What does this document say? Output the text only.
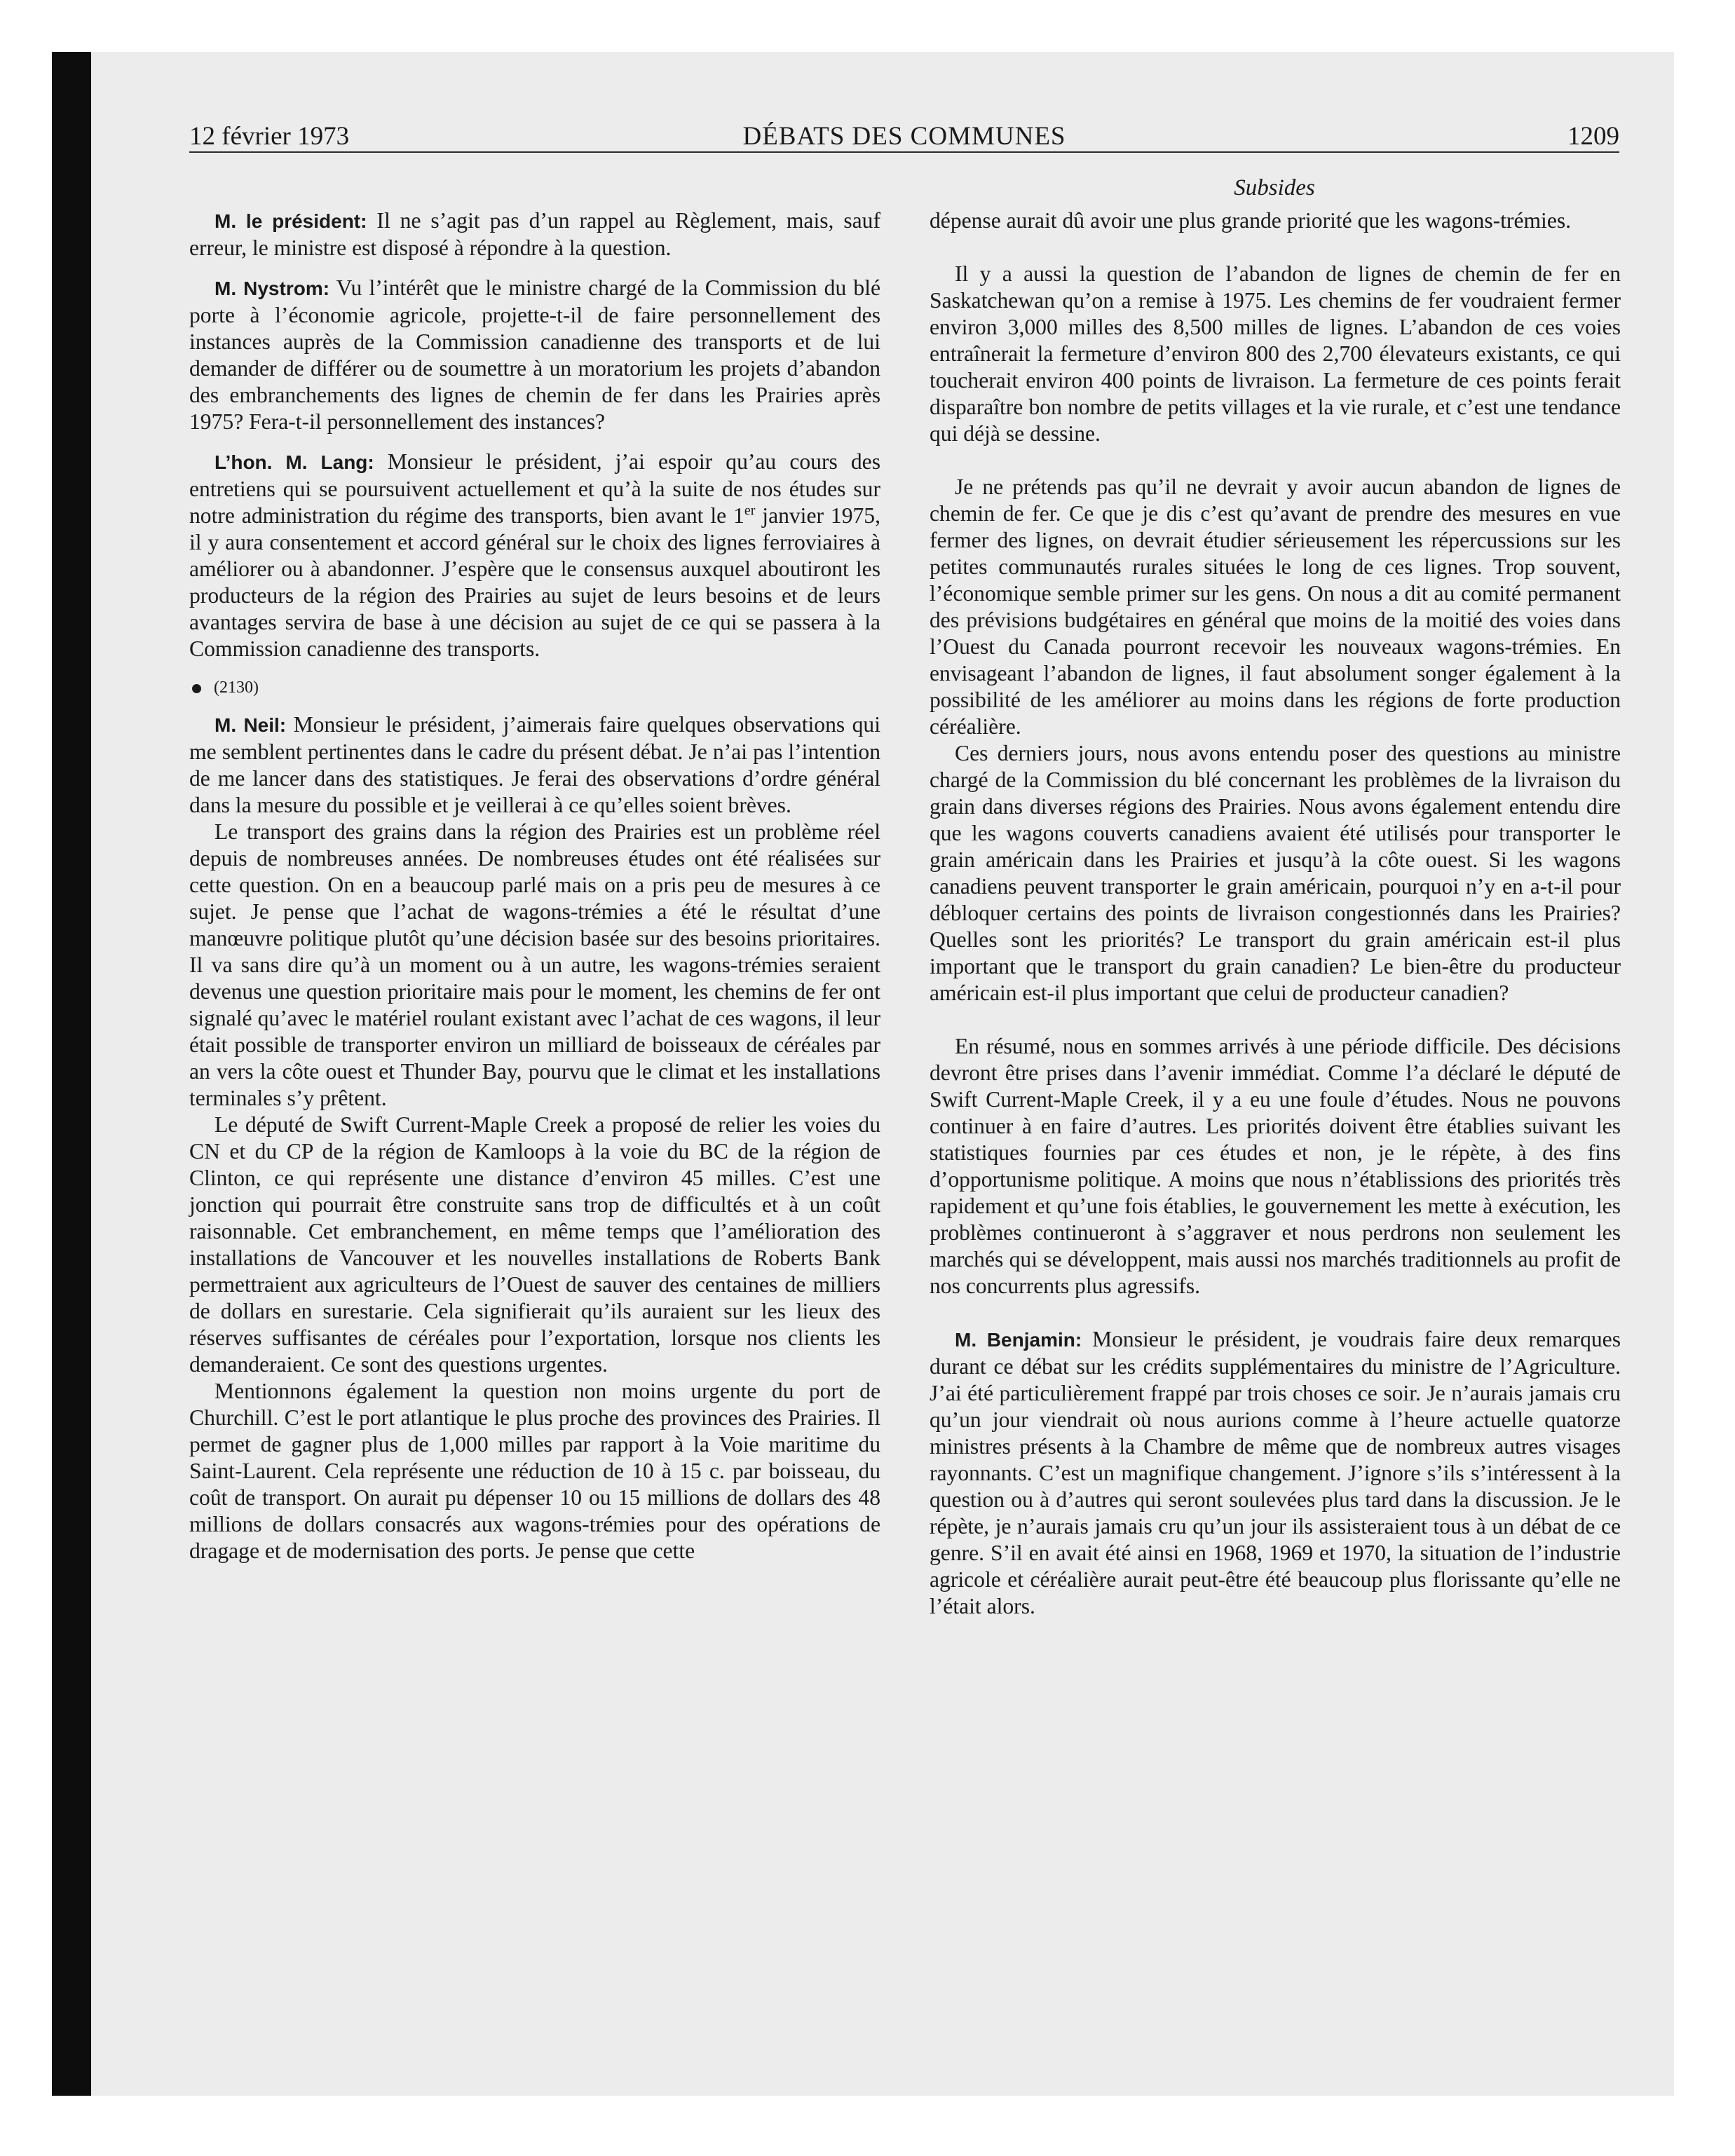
12 février 1973	DÉBATS DES COMMUNES	1209
Subsides

M. le président: Il ne s’agit pas d’un rappel au Règlement, mais, sauf erreur, le ministre est disposé à répondre à la question.

M. Nystrom: Vu l’intérêt que le ministre chargé de la Commission du blé porte à l’économie agricole, projette-t-il de faire personnellement des instances auprès de la Commission canadienne des transports et de lui demander de différer ou de soumettre à un moratorium les projets d’abandon des embranchements des lignes de chemin de fer dans les Prairies après 1975? Fera-t-il personnellement des instances?

L’hon. M. Lang: Monsieur le président, j’ai espoir qu’au cours des entretiens qui se poursuivent actuellement et qu’à la suite de nos études sur notre administration du régime des transports, bien avant le 1er janvier 1975, il y aura consentement et accord général sur le choix des lignes ferroviaires à améliorer ou à abandonner. J’espère que le consensus auxquel aboutiront les producteurs de la région des Prairies au sujet de leurs besoins et de leurs avantages servira de base à une décision au sujet de ce qui se passera à la Commission canadienne des transports.

(2130)

M. Neil: Monsieur le président, j’aimerais faire quelques observations qui me semblent pertinentes dans le cadre du présent débat. Je n’ai pas l’intention de me lancer dans des statistiques. Je ferai des observations d’ordre général dans la mesure du possible et je veillerai à ce qu’elles soient brèves.

Le transport des grains dans la région des Prairies est un problème réel depuis de nombreuses années. De nombreuses études ont été réalisées sur cette question. On en a beaucoup parlé mais on a pris peu de mesures à ce sujet. Je pense que l’achat de wagons-trémies a été le résultat d’une manœuvre politique plutôt qu’une décision basée sur des besoins prioritaires. Il va sans dire qu’à un moment ou à un autre, les wagons-trémies seraient devenus une question prioritaire mais pour le moment, les chemins de fer ont signalé qu’avec le matériel roulant existant avec l’achat de ces wagons, il leur était possible de transporter environ un milliard de boisseaux de céréales par an vers la côte ouest et Thunder Bay, pourvu que le climat et les installations terminales s’y prêtent.

Le député de Swift Current-Maple Creek a proposé de relier les voies du CN et du CP de la région de Kamloops à la voie du BC de la région de Clinton, ce qui représente une distance d’environ 45 milles. C’est une jonction qui pourrait être construite sans trop de difficultés et à un coût raisonnable. Cet embranchement, en même temps que l’amélioration des installations de Vancouver et les nouvelles installations de Roberts Bank permettraient aux agriculteurs de l’Ouest de sauver des centaines de milliers de dollars en surestarie. Cela signifierait qu’ils auraient sur les lieux des réserves suffisantes de céréales pour l’exportation, lorsque nos clients les demanderaient. Ce sont des questions urgentes.

Mentionnons également la question non moins urgente du port de Churchill. C’est le port atlantique le plus proche des provinces des Prairies. Il permet de gagner plus de 1,000 milles par rapport à la Voie maritime du Saint-Laurent. Cela représente une réduction de 10 à 15 c. par boisseau, du coût de transport. On aurait pu dépenser 10 ou 15 millions de dollars des 48 millions de dollars consacrés aux wagons-trémies pour des opérations de dragage et de modernisation des ports. Je pense que cette

dépense aurait dû avoir une plus grande priorité que les wagons-trémies.

Il y a aussi la question de l’abandon de lignes de chemin de fer en Saskatchewan qu’on a remise à 1975. Les chemins de fer voudraient fermer environ 3,000 milles des 8,500 milles de lignes. L’abandon de ces voies entraînerait la fermeture d’environ 800 des 2,700 élevateurs existants, ce qui toucherait environ 400 points de livraison. La fermeture de ces points ferait disparaître bon nombre de petits villages et la vie rurale, et c’est une tendance qui déjà se dessine.

Je ne prétends pas qu’il ne devrait y avoir aucun abandon de lignes de chemin de fer. Ce que je dis c’est qu’avant de prendre des mesures en vue fermer des lignes, on devrait étudier sérieusement les répercussions sur les petites communautés rurales situées le long de ces lignes. Trop souvent, l’économique semble primer sur les gens. On nous a dit au comité permanent des prévisions budgétaires en général que moins de la moitié des voies dans l’Ouest du Canada pourront recevoir les nouveaux wagons-trémies. En envisageant l’abandon de lignes, il faut absolument songer également à la possibilité de les améliorer au moins dans les régions de forte production céréalière.

Ces derniers jours, nous avons entendu poser des questions au ministre chargé de la Commission du blé concernant les problèmes de la livraison du grain dans diverses régions des Prairies. Nous avons également entendu dire que les wagons couverts canadiens avaient été utilisés pour transporter le grain américain dans les Prairies et jusqu’à la côte ouest. Si les wagons canadiens peuvent transporter le grain américain, pourquoi n’y en a-t-il pour débloquer certains des points de livraison congestionnés dans les Prairies? Quelles sont les priorités? Le transport du grain américain est-il plus important que le transport du grain canadien? Le bien-être du producteur américain est-il plus important que celui de producteur canadien?

En résumé, nous en sommes arrivés à une période difficile. Des décisions devront être prises dans l’avenir immédiat. Comme l’a déclaré le député de Swift Current-Maple Creek, il y a eu une foule d’études. Nous ne pouvons continuer à en faire d’autres. Les priorités doivent être établies suivant les statistiques fournies par ces études et non, je le répète, à des fins d’opportunisme politique. A moins que nous n’établissions des priorités très rapidement et qu’une fois établies, le gouvernement les mette à exécution, les problèmes continueront à s’aggraver et nous perdrons non seulement les marchés qui se développent, mais aussi nos marchés traditionnels au profit de nos concurrents plus agressifs.

M. Benjamin: Monsieur le président, je voudrais faire deux remarques durant ce débat sur les crédits supplémentaires du ministre de l’Agriculture. J’ai été particulièrement frappé par trois choses ce soir. Je n’aurais jamais cru qu’un jour viendrait où nous aurions comme à l’heure actuelle quatorze ministres présents à la Chambre de même que de nombreux autres visages rayonnants. C’est un magnifique changement. J’ignore s’ils s’intéressent à la question ou à d’autres qui seront soulevées plus tard dans la discussion. Je le répète, je n’aurais jamais cru qu’un jour ils assisteraient tous à un débat de ce genre. S’il en avait été ainsi en 1968, 1969 et 1970, la situation de l’industrie agricole et céréalière aurait peut-être été beaucoup plus florissante qu’elle ne l’était alors.
